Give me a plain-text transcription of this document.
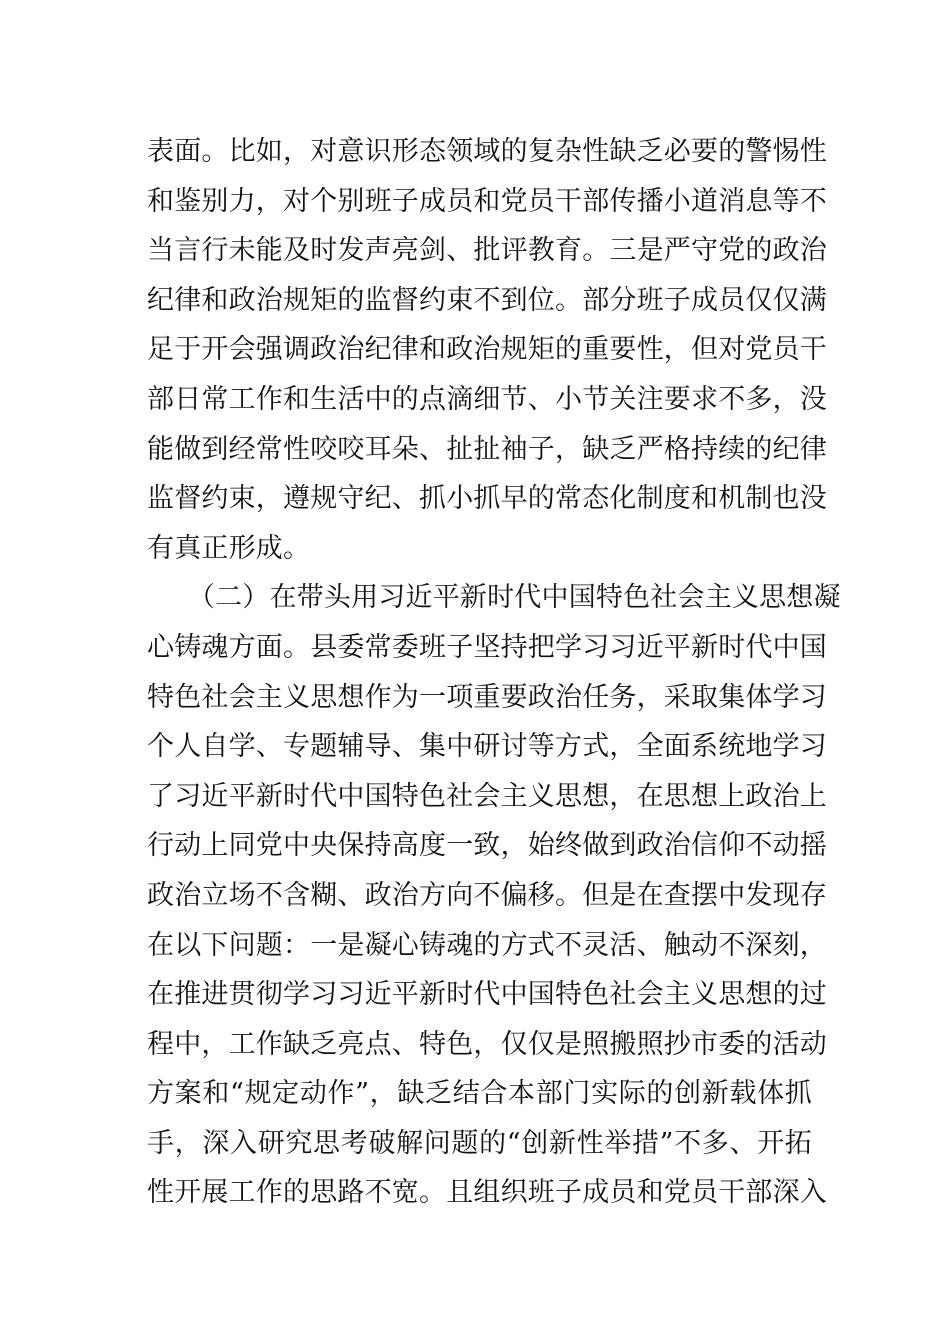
表面。比如，对意识形态领域的复杂性缺乏必要的警惕性
和鉴别力，对个别班子成员和党员干部传播小道消息等不
当言行未能及时发声亮剑、批评教育。三是严守党的政治
纪律和政治规矩的监督约束不到位。部分班子成员仅仅满
足于开会强调政治纪律和政治规矩的重要性，但对党员干
部日常工作和生活中的点滴细节、小节关注要求不多，没
能做到经常性咬咬耳朵、扯扯袖子，缺乏严格持续的纪律
监督约束，遵规守纪、抓小抓早的常态化制度和机制也没
有真正形成。
　　（二）在带头用习近平新时代中国特色社会主义思想凝
心铸魂方面。县委常委班子坚持把学习习近平新时代中国
特色社会主义思想作为一项重要政治任务，采取集体学习
个人自学、专题辅导、集中研讨等方式，全面系统地学习
了习近平新时代中国特色社会主义思想，在思想上政治上
行动上同党中央保持高度一致，始终做到政治信仰不动摇
政治立场不含糊、政治方向不偏移。但是在查摆中发现存
在以下问题：一是凝心铸魂的方式不灵活、触动不深刻，
在推进贯彻学习习近平新时代中国特色社会主义思想的过
程中，工作缺乏亮点、特色，仅仅是照搬照抄市委的活动
方案和“规定动作”，缺乏结合本部门实际的创新载体抓
手，深入研究思考破解问题的“创新性举措”不多、开拓
性开展工作的思路不宽。且组织班子成员和党员干部深入
